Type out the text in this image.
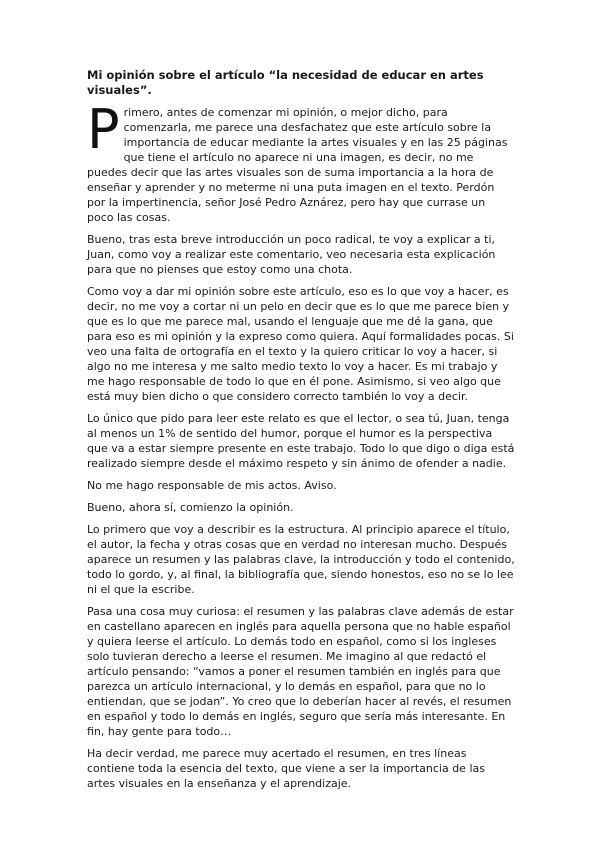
Mi opinión sobre el artículo “la necesidad de educar en artes visuales”.
Primero, antes de comenzar mi opinión, o mejor dicho, para comenzarla, me parece una desfachatez que este artículo sobre la importancia de educar mediante la artes visuales y en las 25 páginas que tiene el artículo no aparece ni una imagen, es decir, no me puedes decir que las artes visuales son de suma importancia a la hora de enseñar y aprender y no meterme ni una puta imagen en el texto. Perdón por la impertinencia, señor José Pedro Aznárez, pero hay que currase un poco las cosas.
Bueno, tras esta breve introducción un poco radical, te voy a explicar a ti, Juan, como voy a realizar este comentario, veo necesaria esta explicación para que no pienses que estoy como una chota.
Como voy a dar mi opinión sobre este artículo, eso es lo que voy a hacer, es decir, no me voy a cortar ni un pelo en decir que es lo que me parece bien y que es lo que me parece mal, usando el lenguaje que me dé la gana, que para eso es mi opinión y la expreso como quiera. Aquí formalidades pocas. Si veo una falta de ortografía en el texto y la quiero criticar lo voy a hacer, si algo no me interesa y me salto medio texto lo voy a hacer. Es mi trabajo y me hago responsable de todo lo que en él pone. Asimismo, si veo algo que está muy bien dicho o que considero correcto también lo voy a decir.
Lo único que pido para leer este relato es que el lector, o sea tú, Juan, tenga al menos un 1% de sentido del humor, porque el humor es la perspectiva que va a estar siempre presente en este trabajo. Todo lo que digo o diga está realizado siempre desde el máximo respeto y sin ánimo de ofender a nadie.
No me hago responsable de mis actos. Aviso.
Bueno, ahora sí, comienzo la opinión.
Lo primero que voy a describir es la estructura. Al principio aparece el título, el autor, la fecha y otras cosas que en verdad no interesan mucho. Después aparece un resumen y las palabras clave, la introducción y todo el contenido, todo lo gordo, y, al final, la bibliografía que, siendo honestos, eso no se lo lee ni el que la escribe.
Pasa una cosa muy curiosa: el resumen y las palabras clave además de estar en castellano aparecen en inglés para aquella persona que no hable español y quiera leerse el artículo. Lo demás todo en español, como si los ingleses solo tuvieran derecho a leerse el resumen. Me imagino al que redactó el artículo pensando: “vamos a poner el resumen también en inglés para que parezca un artículo internacional, y lo demás en español, para que no lo entiendan, que se jodan”. Yo creo que lo deberían hacer al revés, el resumen en español y todo lo demás en inglés, seguro que sería más interesante. En fin, hay gente para todo…
Ha decir verdad, me parece muy acertado el resumen, en tres líneas contiene toda la esencia del texto, que viene a ser la importancia de las artes visuales en la enseñanza y el aprendizaje.
